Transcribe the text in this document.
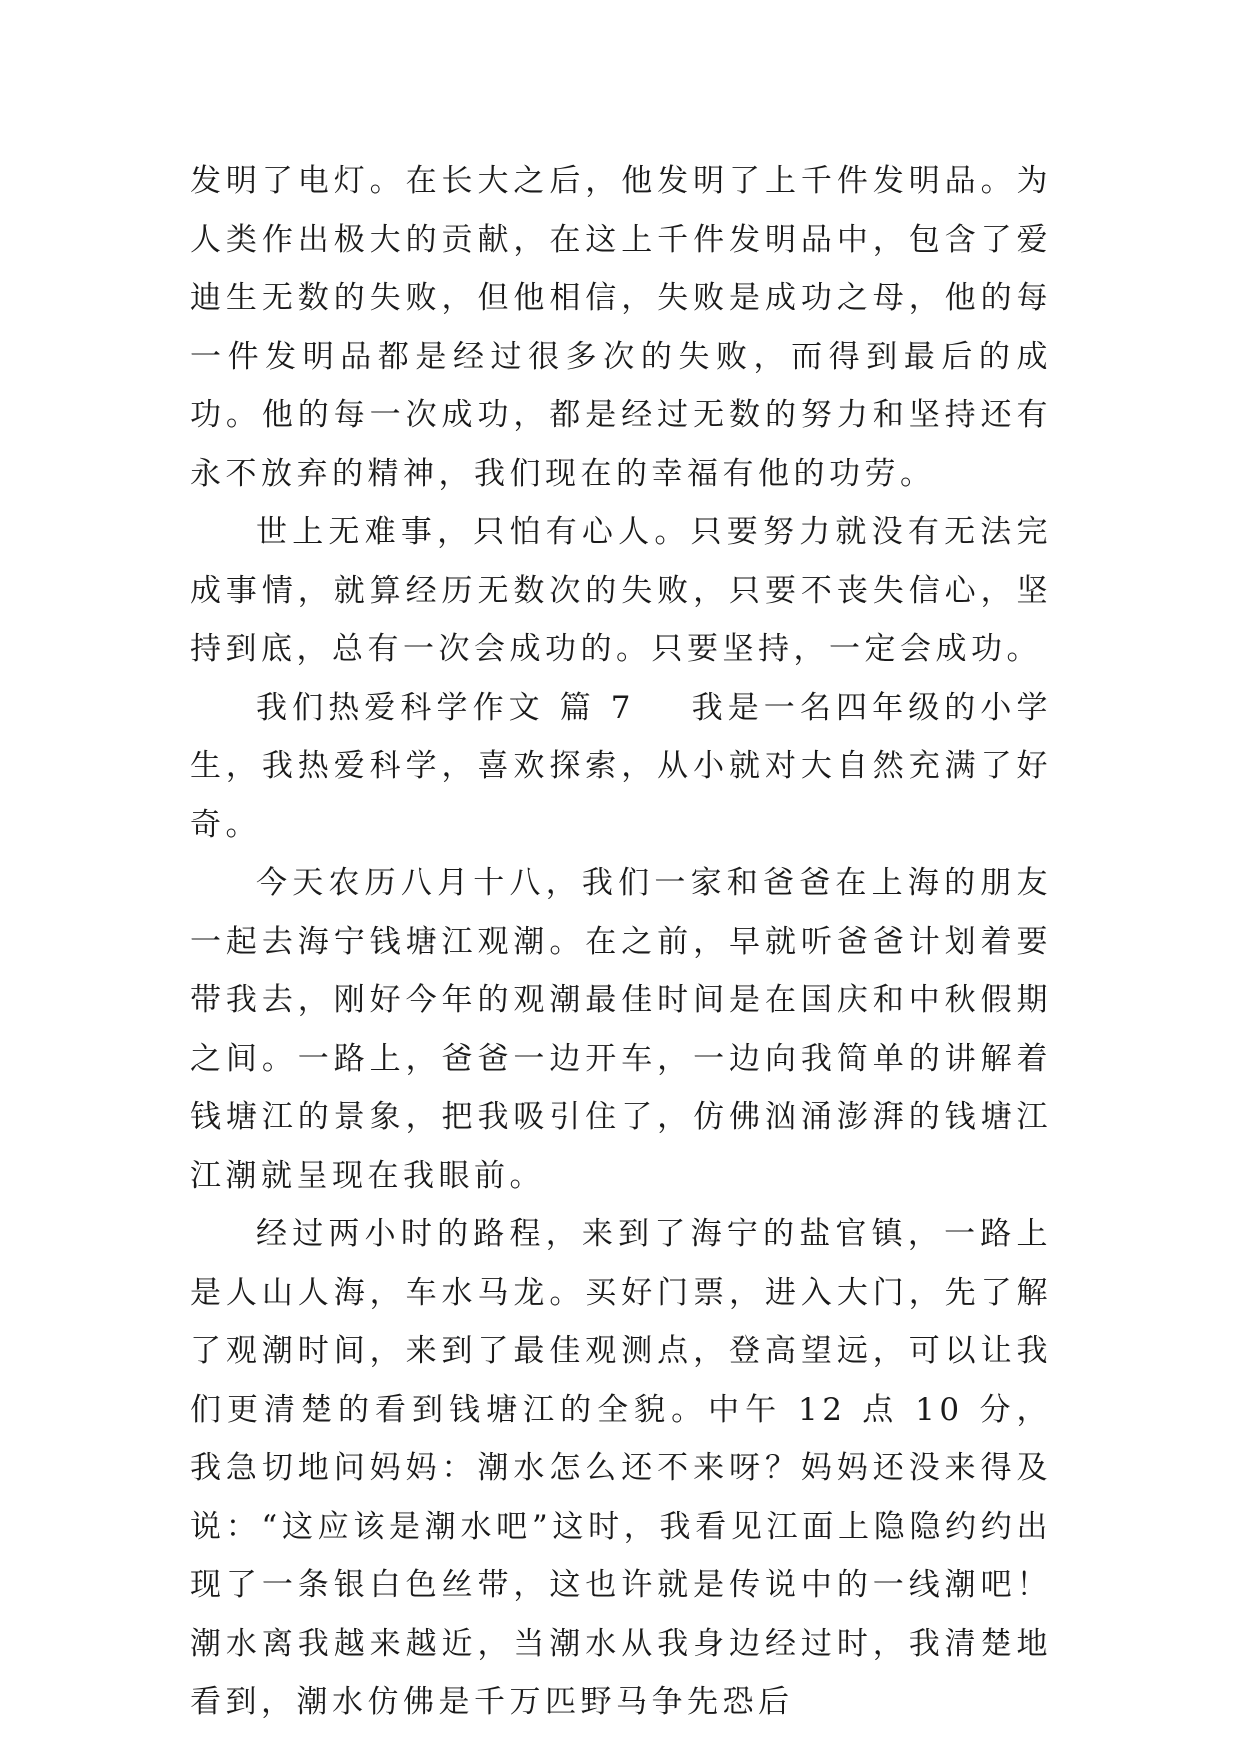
发明了电灯。在长大之后，他发明了上千件发明品。为人类作出极大的贡献，在这上千件发明品中，包含了爱迪生无数的失败，但他相信，失败是成功之母，他的每一件发明品都是经过很多次的失败，而得到最后的成功。他的每一次成功，都是经过无数的努力和坚持还有永不放弃的精神，我们现在的幸福有他的功劳。

世上无难事，只怕有心人。只要努力就没有无法完成事情，就算经历无数次的失败，只要不丧失信心，坚持到底，总有一次会成功的。只要坚持，一定会成功。

我们热爱科学作文 篇 7 我是一名四年级的小学生，我热爱科学，喜欢探索，从小就对大自然充满了好奇。

今天农历八月十八，我们一家和爸爸在上海的朋友一起去海宁钱塘江观潮。在之前，早就听爸爸计划着要带我去，刚好今年的观潮最佳时间是在国庆和中秋假期之间。一路上，爸爸一边开车，一边向我简单的讲解着钱塘江的景象，把我吸引住了，仿佛汹涌澎湃的钱塘江江潮就呈现在我眼前。

经过两小时的路程，来到了海宁的盐官镇，一路上是人山人海，车水马龙。买好门票，进入大门，先了解了观潮时间，来到了最佳观测点，登高望远，可以让我们更清楚的看到钱塘江的全貌。中午 12 点 10 分，我急切地问妈妈：潮水怎么还不来呀？妈妈还没来得及说：“这应该是潮水吧”这时，我看见江面上隐隐约约出现了一条银白色丝带，这也许就是传说中的一线潮吧！潮水离我越来越近，当潮水从我身边经过时，我清楚地看到，潮水仿佛是千万匹野马争先恐后
